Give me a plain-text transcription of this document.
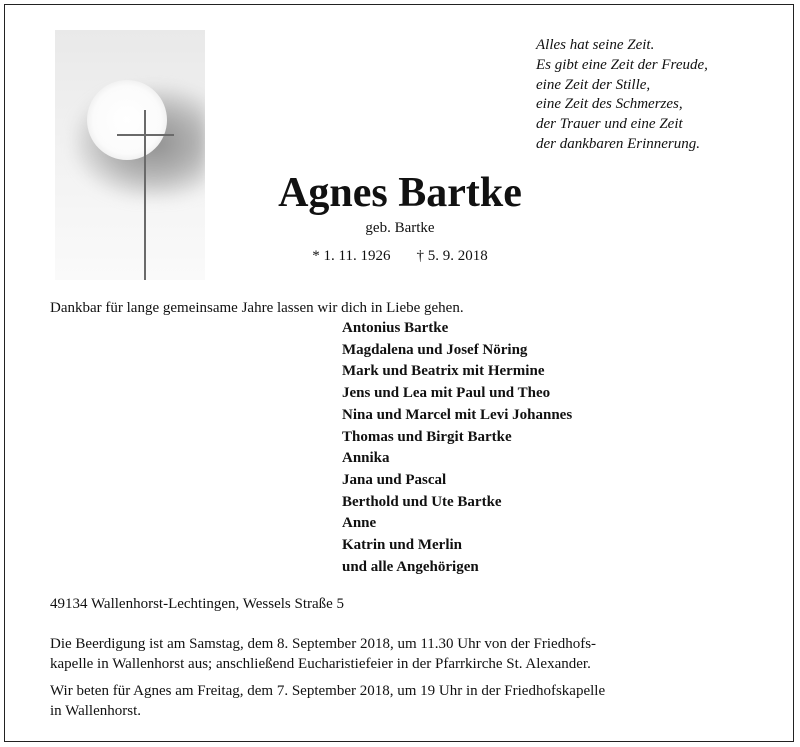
Alles hat seine Zeit.
Es gibt eine Zeit der Freude,
eine Zeit der Stille,
eine Zeit des Schmerzes,
der Trauer und eine Zeit
der dankbaren Erinnerung.
Agnes Bartke
geb. Bartke
* 1. 11. 1926 † 5. 9. 2018
Dankbar für lange gemeinsame Jahre lassen wir dich in Liebe gehen.
Antonius Bartke
Magdalena und Josef Nöring
Mark und Beatrix mit Hermine
Jens und Lea mit Paul und Theo
Nina und Marcel mit Levi Johannes
Thomas und Birgit Bartke
Annika
Jana und Pascal
Berthold und Ute Bartke
Anne
Katrin und Merlin
und alle Angehörigen
49134 Wallenhorst-Lechtingen, Wessels Straße 5
Die Beerdigung ist am Samstag, dem 8. September 2018, um 11.30 Uhr von der Friedhofs-
kapelle in Wallenhorst aus; anschließend Eucharistiefeier in der Pfarrkirche St. Alexander.
Wir beten für Agnes am Freitag, dem 7. September 2018, um 19 Uhr in der Friedhofskapelle
in Wallenhorst.
